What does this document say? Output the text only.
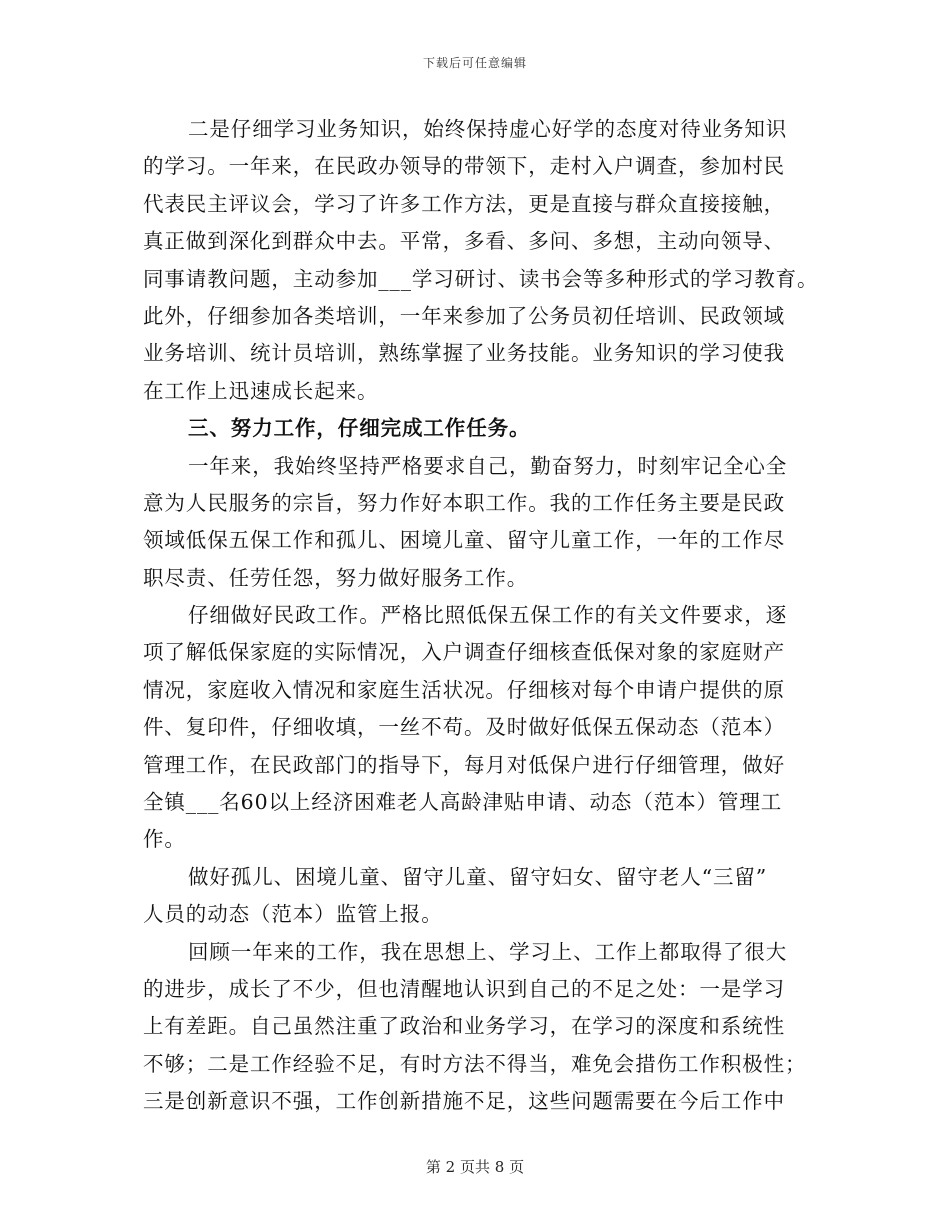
下载后可任意编辑
二是仔细学习业务知识，始终保持虚心好学的态度对待业务知识
的学习。一年来，在民政办领导的带领下，走村入户调查，参加村民
代表民主评议会，学习了许多工作方法，更是直接与群众直接接触，
真正做到深化到群众中去。平常，多看、多问、多想，主动向领导、
同事请教问题，主动参加___学习研讨、读书会等多种形式的学习教育。
此外，仔细参加各类培训，一年来参加了公务员初任培训、民政领域
业务培训、统计员培训，熟练掌握了业务技能。业务知识的学习使我
在工作上迅速成长起来。
三、努力工作，仔细完成工作任务。
一年来，我始终坚持严格要求自己，勤奋努力，时刻牢记全心全
意为人民服务的宗旨，努力作好本职工作。我的工作任务主要是民政
领域低保五保工作和孤儿、困境儿童、留守儿童工作，一年的工作尽
职尽责、任劳任怨，努力做好服务工作。
仔细做好民政工作。严格比照低保五保工作的有关文件要求，逐
项了解低保家庭的实际情况，入户调查仔细核查低保对象的家庭财产
情况，家庭收入情况和家庭生活状况。仔细核对每个申请户提供的原
件、复印件，仔细收填，一丝不苟。及时做好低保五保动态（范本）
管理工作，在民政部门的指导下，每月对低保户进行仔细管理，做好
全镇___名60以上经济困难老人高龄津贴申请、动态（范本）管理工
作。
做好孤儿、困境儿童、留守儿童、留守妇女、留守老人“三留”
人员的动态（范本）监管上报。
回顾一年来的工作，我在思想上、学习上、工作上都取得了很大
的进步，成长了不少，但也清醒地认识到自己的不足之处：一是学习
上有差距。自己虽然注重了政治和业务学习，在学习的深度和系统性
不够；二是工作经验不足，有时方法不得当，难免会措伤工作积极性；
三是创新意识不强，工作创新措施不足，这些问题需要在今后工作中
第 2 页共 8 页
